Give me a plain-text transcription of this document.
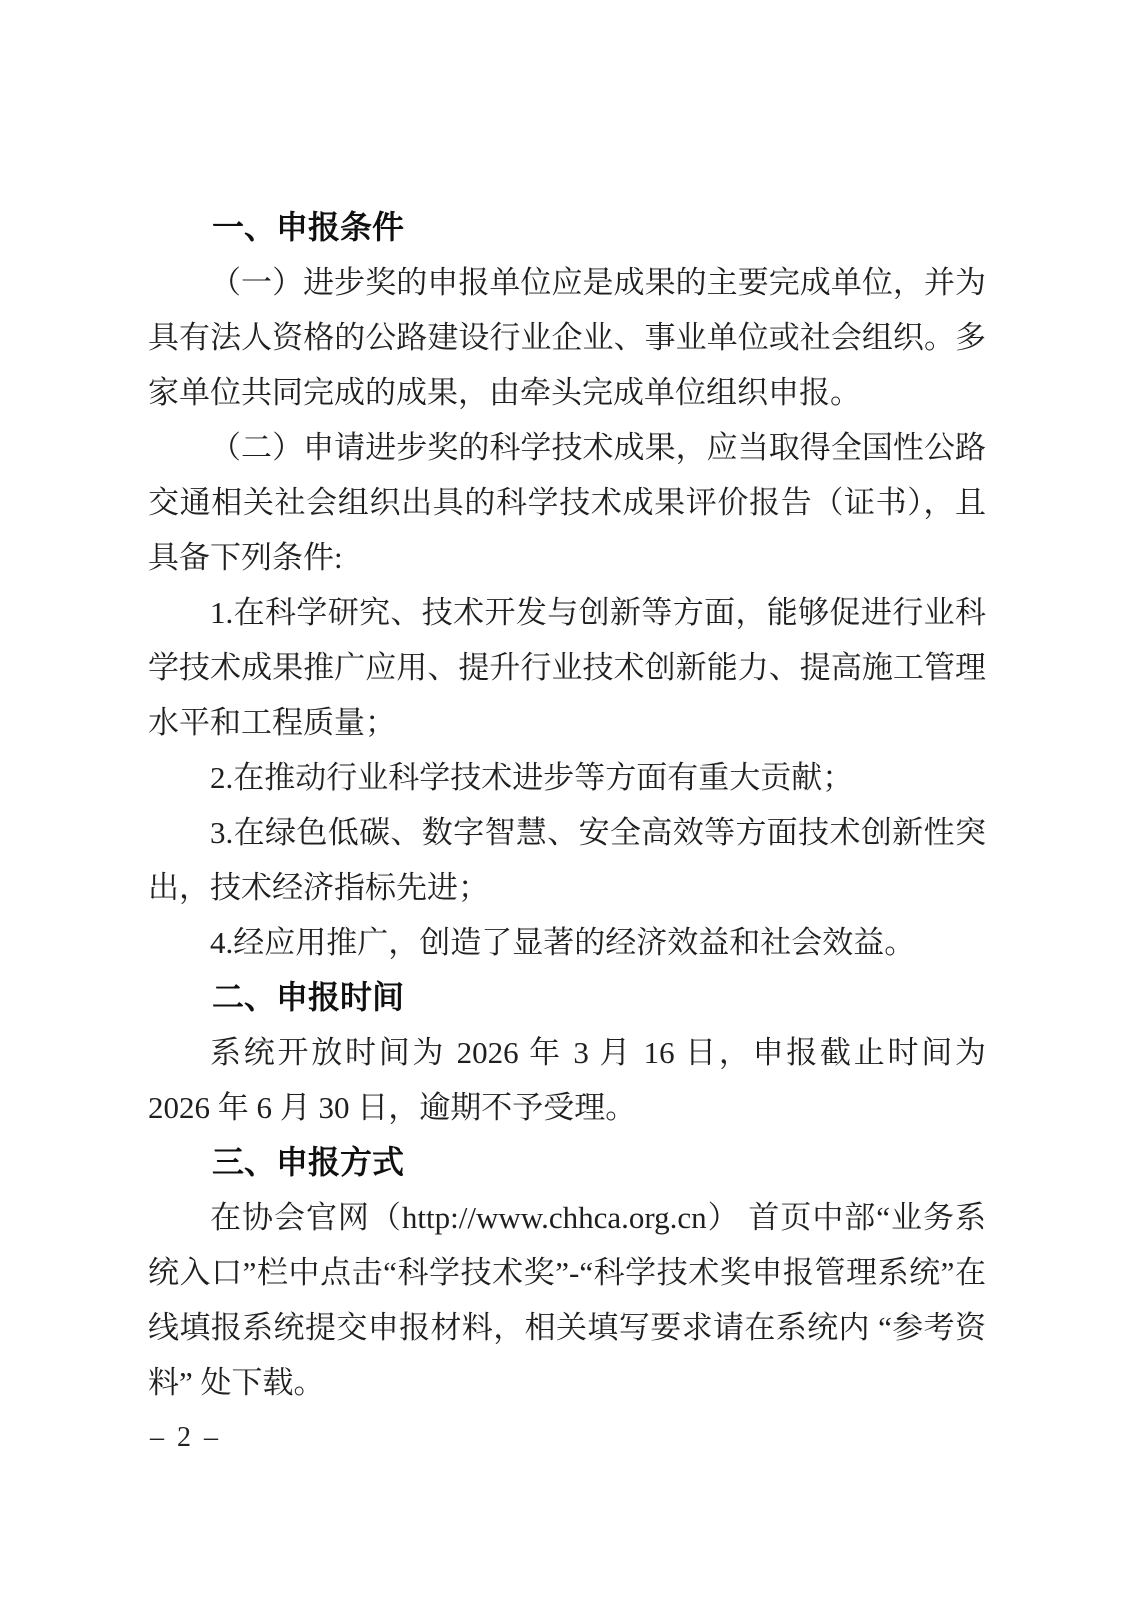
一、申报条件

（一）进步奖的申报单位应是成果的主要完成单位，并为具有法人资格的公路建设行业企业、事业单位或社会组织。多家单位共同完成的成果，由牵头完成单位组织申报。

（二）申请进步奖的科学技术成果，应当取得全国性公路交通相关社会组织出具的科学技术成果评价报告（证书），且具备下列条件:

1.在科学研究、技术开发与创新等方面，能够促进行业科学技术成果推广应用、提升行业技术创新能力、提高施工管理水平和工程质量；

2.在推动行业科学技术进步等方面有重大贡献；

3.在绿色低碳、数字智慧、安全高效等方面技术创新性突出，技术经济指标先进；

4.经应用推广，创造了显著的经济效益和社会效益。

二、申报时间

系统开放时间为 2026 年 3 月 16 日，申报截止时间为 2026 年 6 月 30 日，逾期不予受理。

三、申报方式

在协会官网（http://www.chhca.org.cn） 首页中部“业务系统入口”栏中点击“科学技术奖”-“科学技术奖申报管理系统”在线填报系统提交申报材料，相关填写要求请在系统内 “参考资料” 处下载。

– 2 –
